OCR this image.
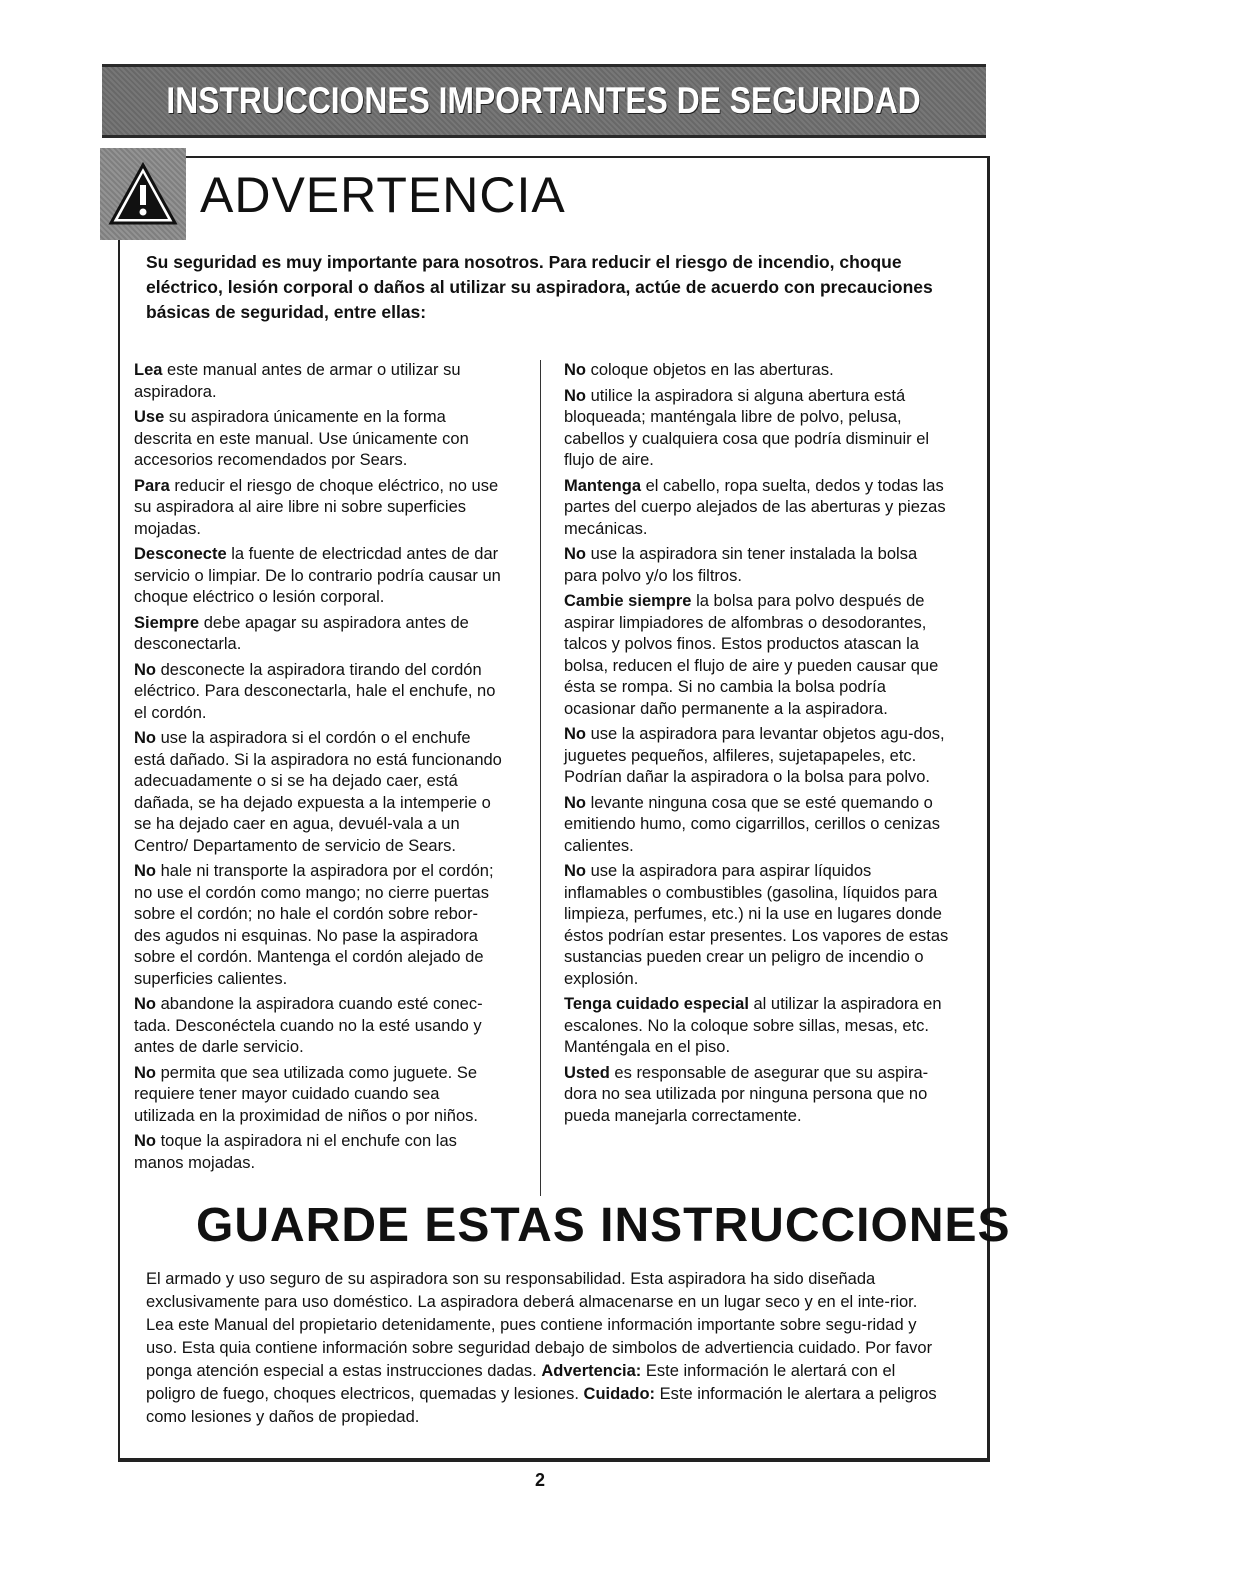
INSTRUCCIONES IMPORTANTES DE SEGURIDAD
ADVERTENCIA
Su seguridad es muy importante para nosotros. Para reducir el riesgo de incendio, choque eléctrico, lesión corporal o daños al utilizar su aspiradora, actúe de acuerdo con precauciones básicas de seguridad, entre ellas:

Lea este manual antes de armar o utilizar su aspiradora.

Use su aspiradora únicamente en la forma descrita en este manual. Use únicamente con accesorios recomendados por Sears.

Para reducir el riesgo de choque eléctrico, no use su aspiradora al aire libre ni sobre superficies mojadas.

Desconecte la fuente de electricdad antes de dar servicio o limpiar. De lo contrario podría causar un choque eléctrico o lesión corporal.

Siempre debe apagar su aspiradora antes de desconectarla.

No desconecte la aspiradora tirando del cordón eléctrico. Para desconectarla, hale el enchufe, no el cordón.

No use la aspiradora si el cordón o el enchufe está dañado. Si la aspiradora no está funcionando adecuadamente o si se ha dejado caer, está dañada, se ha dejado expuesta a la intemperie o se ha dejado caer en agua, devuél-vala a un Centro/ Departamento de servicio de Sears.

No hale ni transporte la aspiradora por el cordón; no use el cordón como mango; no cierre puertas sobre el cordón; no hale el cordón sobre rebor-des agudos ni esquinas. No pase la aspiradora sobre el cordón. Mantenga el cordón alejado de superficies calientes.

No abandone la aspiradora cuando esté conec-tada. Desconéctela cuando no la esté usando y antes de darle servicio.

No permita que sea utilizada como juguete. Se requiere tener mayor cuidado cuando sea utilizada en la proximidad de niños o por niños.

No toque la aspiradora ni el enchufe con las manos mojadas.

No coloque objetos en las aberturas.

No utilice la aspiradora si alguna abertura está bloqueada; manténgala libre de polvo, pelusa, cabellos y cualquiera cosa que podría disminuir el flujo de aire.

Mantenga el cabello, ropa suelta, dedos y todas las partes del cuerpo alejados de las aberturas y piezas mecánicas.

No use la aspiradora sin tener instalada la bolsa para polvo y/o los filtros.

Cambie siempre la bolsa para polvo después de aspirar limpiadores de alfombras o desodorantes, talcos y polvos finos. Estos productos atascan la bolsa, reducen el flujo de aire y pueden causar que ésta se rompa. Si no cambia la bolsa podría ocasionar daño permanente a la aspiradora.

No use la aspiradora para levantar objetos agu-dos, juguetes pequeños, alfileres, sujetapapeles, etc. Podrían dañar la aspiradora o la bolsa para polvo.

No levante ninguna cosa que se esté quemando o emitiendo humo, como cigarrillos, cerillos o cenizas calientes.

No use la aspiradora para aspirar líquidos inflamables o combustibles (gasolina, líquidos para limpieza, perfumes, etc.) ni la use en lugares donde éstos podrían estar presentes. Los vapores de estas sustancias pueden crear un peligro de incendio o explosión.

Tenga cuidado especial al utilizar la aspiradora en escalones. No la coloque sobre sillas, mesas, etc. Manténgala en el piso.

Usted es responsable de asegurar que su aspira-dora no sea utilizada por ninguna persona que no pueda manejarla correctamente.

GUARDE ESTAS INSTRUCCIONES
El armado y uso seguro de su aspiradora son su responsabilidad. Esta aspiradora ha sido diseñada exclusivamente para uso doméstico. La aspiradora deberá almacenarse en un lugar seco y en el inte-rior. Lea este Manual del propietario detenidamente, pues contiene información importante sobre segu-ridad y uso. Esta quia contiene información sobre seguridad debajo de simbolos de advertiencia cuidado. Por favor ponga atención especial a estas instrucciones dadas. Advertencia: Este información le alertará con el poligro de fuego, choques electricos, quemadas y lesiones. Cuidado: Este información le alertara a peligros como lesiones y daños de propiedad.
2
